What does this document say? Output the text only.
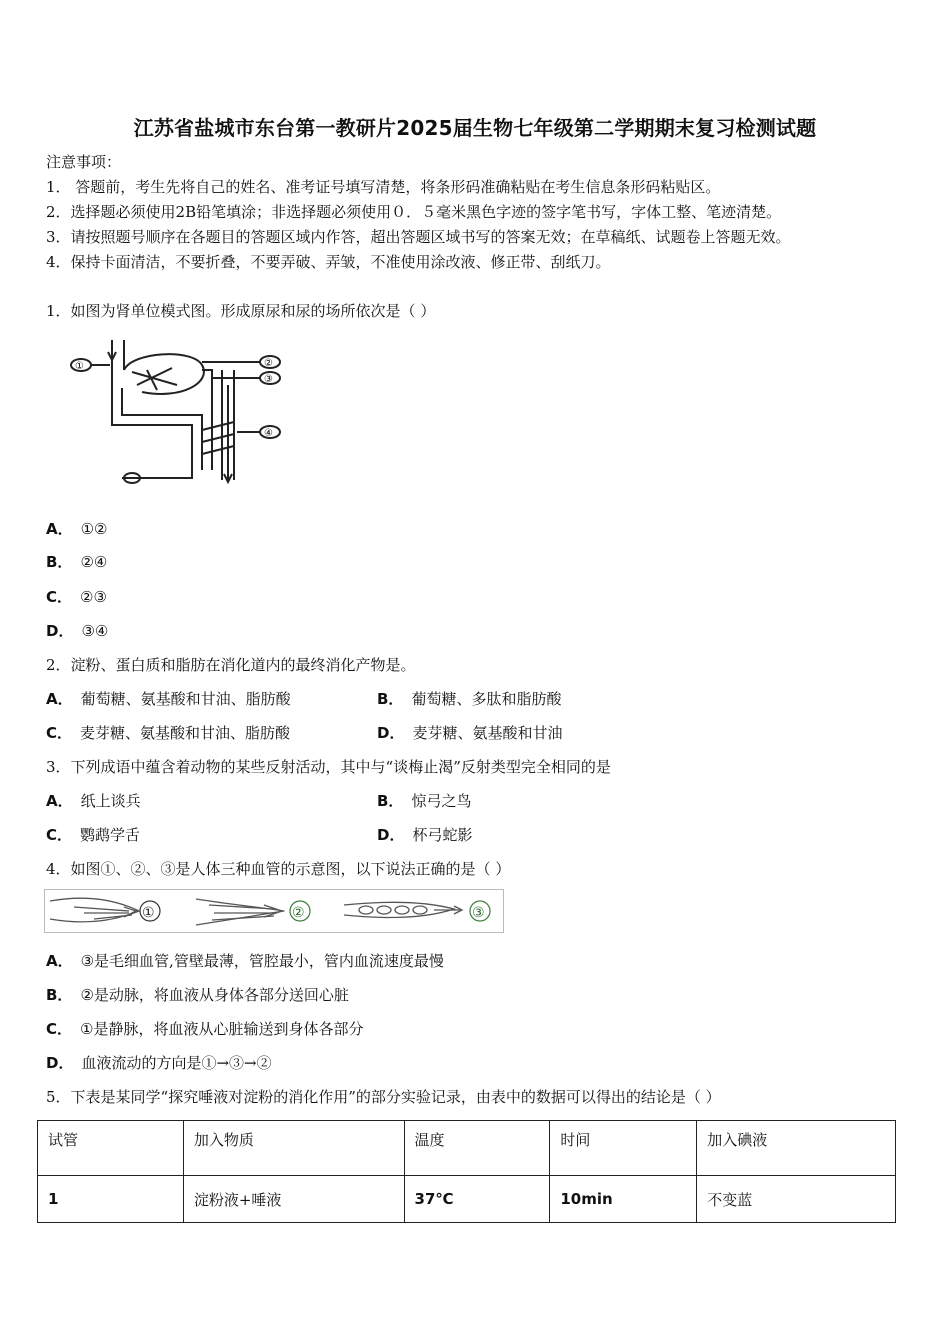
江苏省盐城市东台第一教研片2025届生物七年级第二学期期末复习检测试题
注意事项：
1． 答题前，考生先将自己的姓名、准考证号填写清楚，将条形码准确粘贴在考生信息条形码粘贴区。
2．选择题必须使用2B铅笔填涂；非选择题必须使用０．５毫米黑色字迹的签字笔书写，字体工整、笔迹清楚。
3．请按照题号顺序在各题目的答题区域内作答，超出答题区域书写的答案无效；在草稿纸、试题卷上答题无效。
4．保持卡面清洁，不要折叠，不要弄破、弄皱，不准使用涂改液、修正带、刮纸刀。
1．如图为肾单位模式图。形成原尿和尿的场所依次是（ ）
①	②
③
④
A． ①②
B． ②④
C． ②③
D． ③④
2．淀粉、蛋白质和脂肪在消化道内的最终消化产物是。
A． 葡萄糖、氨基酸和甘油、脂肪酸	B． 葡萄糖、多肽和脂肪酸
C． 麦芽糖、氨基酸和甘油、脂肪酸	D． 麦芽糖、氨基酸和甘油
3．下列成语中蕴含着动物的某些反射活动，其中与“谈梅止渴”反射类型完全相同的是
A． 纸上谈兵	B． 惊弓之鸟
C． 鹦鹉学舌	D． 杯弓蛇影
4．如图①、②、③是人体三种血管的示意图，以下说法正确的是（ ）
①	②	③
A． ③是毛细血管,管壁最薄，管腔最小，管内血流速度最慢
B． ②是动脉，将血液从身体各部分送回心脏
C． ①是静脉，将血液从心脏输送到身体各部分
D． 血液流动的方向是①→③→②
5．下表是某同学“探究唾液对淀粉的消化作用”的部分实验记录，由表中的数据可以得出的结论是（ ）
试管	加入物质	温度	时间	加入碘液
1	淀粉液+唾液	37℃	10min	不变蓝
